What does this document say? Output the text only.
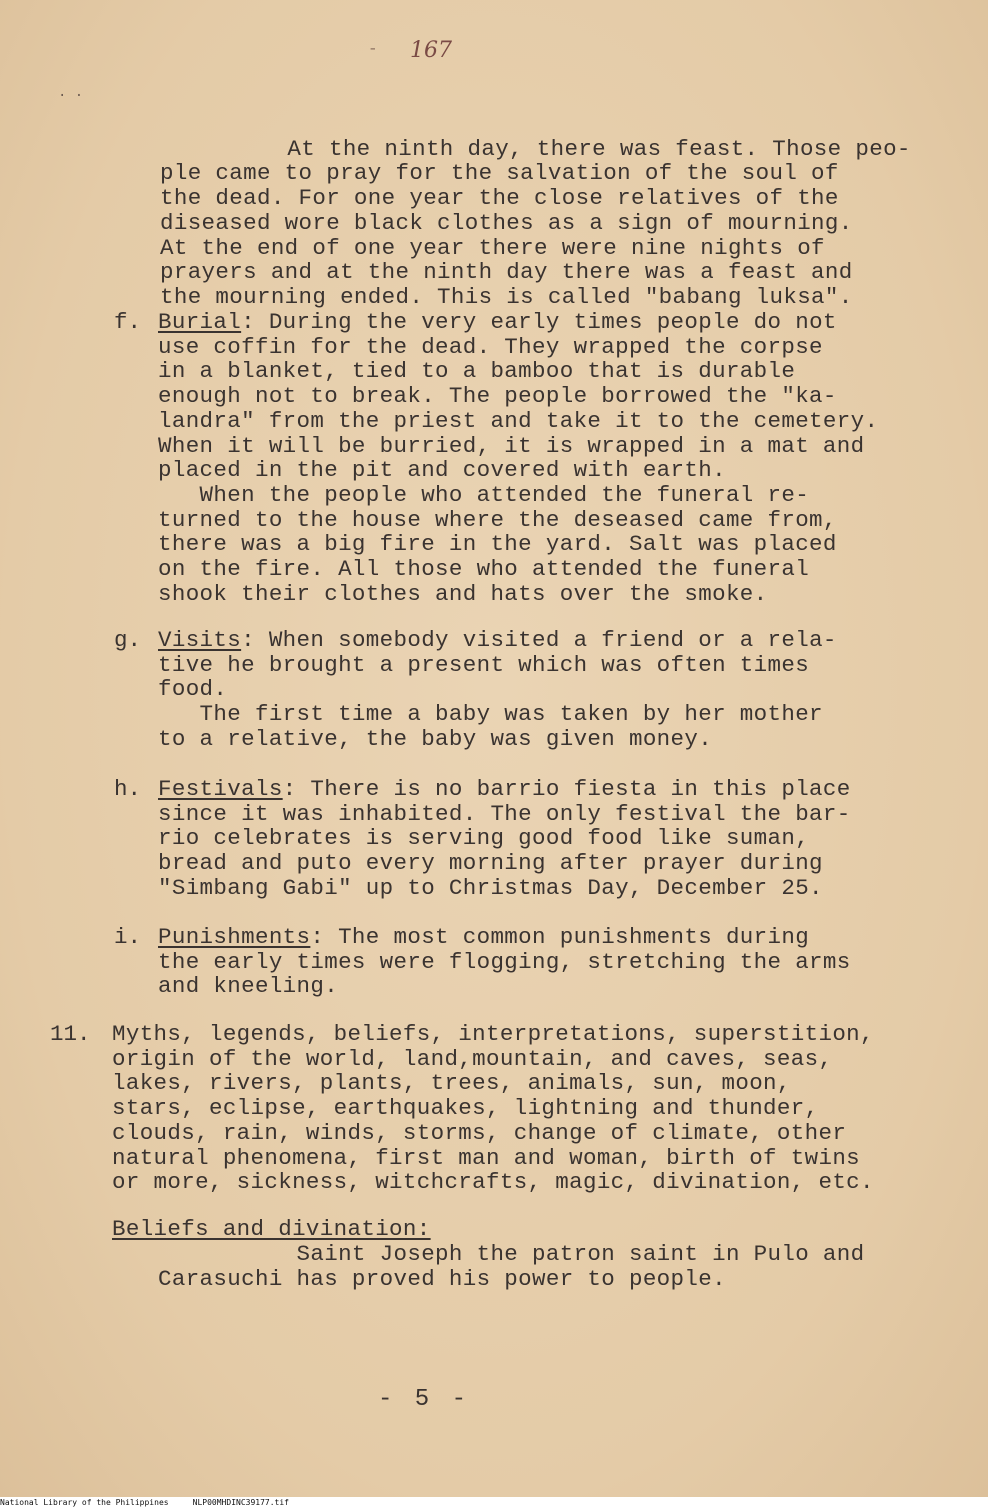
- 167
. .

At the ninth day, there was feast. Those peo-
ple came to pray for the salvation of the soul of
the dead. For one year the close relatives of the
diseased wore black clothes as a sign of mourning.
At the end of one year there were nine nights of
prayers and at the ninth day there was a feast and
the mourning ended. This is called "babang luksa".

f. Burial: During the very early times people do not
use coffin for the dead. They wrapped the corpse
in a blanket, tied to a bamboo that is durable
enough not to break. The people borrowed the "ka-
landra" from the priest and take it to the cemetery.
When it will be burried, it is wrapped in a mat and
placed in the pit and covered with earth.
When the people who attended the funeral re-
turned to the house where the deseased came from,
there was a big fire in the yard. Salt was placed
on the fire. All those who attended the funeral
shook their clothes and hats over the smoke.
g. Visits: When somebody visited a friend or a rela-
tive he brought a present which was often times
food.
The first time a baby was taken by her mother
to a relative, the baby was given money.
h. Festivals: There is no barrio fiesta in this place
since it was inhabited. The only festival the bar-
rio celebrates is serving good food like suman,
bread and puto every morning after prayer during
"Simbang Gabi" up to Christmas Day, December 25.
i. Punishments: The most common punishments during
the early times were flogging, stretching the arms
and kneeling.
11. Myths, legends, beliefs, interpretations, superstition,
origin of the world, land,mountain, and caves, seas,
lakes, rivers, plants, trees, animals, sun, moon,
stars, eclipse, earthquakes, lightning and thunder,
clouds, rain, winds, storms, change of climate, other
natural phenomena, first man and woman, birth of twins
or more, sickness, witchcrafts, magic, divination, etc.
Beliefs and divination:
Saint Joseph the patron saint in Pulo and
Carasuchi has proved his power to people.
- 5 -
National Library of the Philippines     NLP00MHDINC39177.tif
